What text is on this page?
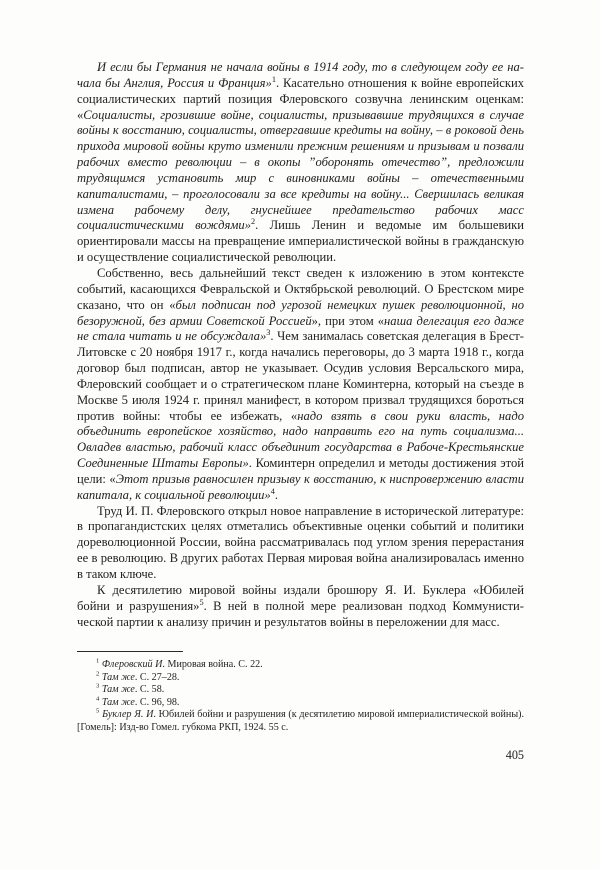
И если бы Германия не начала войны в 1914 году, то в следующем году ее начала бы Англия, Россия и Франция»$^1$. Касательно отношения к войне европейских социалистических партий позиция Флеровского созвучна ленинским оценкам: «Социалисты, грозившие войне, социалисты, призывавшие трудящихся в случае войны к восстанию, социалисты, отвергавшие кредиты на войну, – в роковой день прихода мировой войны круто изменили прежним решениям и призывам и позвали рабочих вместо революции – в окопы ”оборонять отечество”, предложили трудящимся установить мир с виновниками войны – отечественными капиталистами, – проголосовали за все кредиты на войну... Свершилась великая измена рабочему делу, гнуснейшее предательство рабочих масс социалистическими вождями»$^2$. Лишь Ленин и ведомые им большевики ориентировали массы на превращение империалистической войны в гражданскую и осуществление социалистической революции.

Собственно, весь дальнейший текст сведен к изложению в этом контексте событий, касающихся Февральской и Октябрьской революций. О Брестском мире сказано, что он «был подписан под угрозой немецких пушек революционной, но безоружной, без армии Советской Россией», при этом «наша делегация его даже не стала читать и не обсуждала»$^3$. Чем занималась советская делегация в Брест-Литовске с 20 ноября 1917 г., когда начались переговоры, до 3 марта 1918 г., когда договор был подписан, автор не указывает. Осудив условия Версальского мира, Флеровский сообщает и о стратегическом плане Коминтерна, который на съезде в Москве 5 июля 1924 г. принял манифест, в котором призвал трудящихся бороться против войны: чтобы ее избежать, «надо взять в свои руки власть, надо объединить европейское хозяйство, надо направить его на путь социализма... Овладев властью, рабочий класс объединит государства в Рабоче-Крестьянские Соединенные Штаты Европы». Коминтерн определил и методы достижения этой цели: «Этот призыв равносилен призыву к восстанию, к ниспровержению власти капитала, к социальной революции»$^4$.

Труд И. П. Флеровского открыл новое направление в исторической литературе: в пропагандистских целях отметались объективные оценки событий и политики дореволюционной России, война рассматривалась под углом зрения перерастания ее в революцию. В других работах Первая мировая война анализировалась именно в таком ключе.

К десятилетию мировой войны издали брошюру Я. И. Буклера «Юбилей бойни и разрушения»$^5$. В ней в полной мере реализован подход Коммунистической партии к анализу причин и результатов войны в переложении для масс.

$^1$ Флеровский И. Мировая война. С. 22.

$^2$ Там же. С. 27–28.

$^3$ Там же. С. 58.

$^4$ Там же. С. 96, 98.

$^5$ Буклер Я. И. Юбилей бойни и разрушения (к десятилетию мировой империалистической войны). [Гомель]: Изд-во Гомел. губкома РКП, 1924. 55 с.

405
